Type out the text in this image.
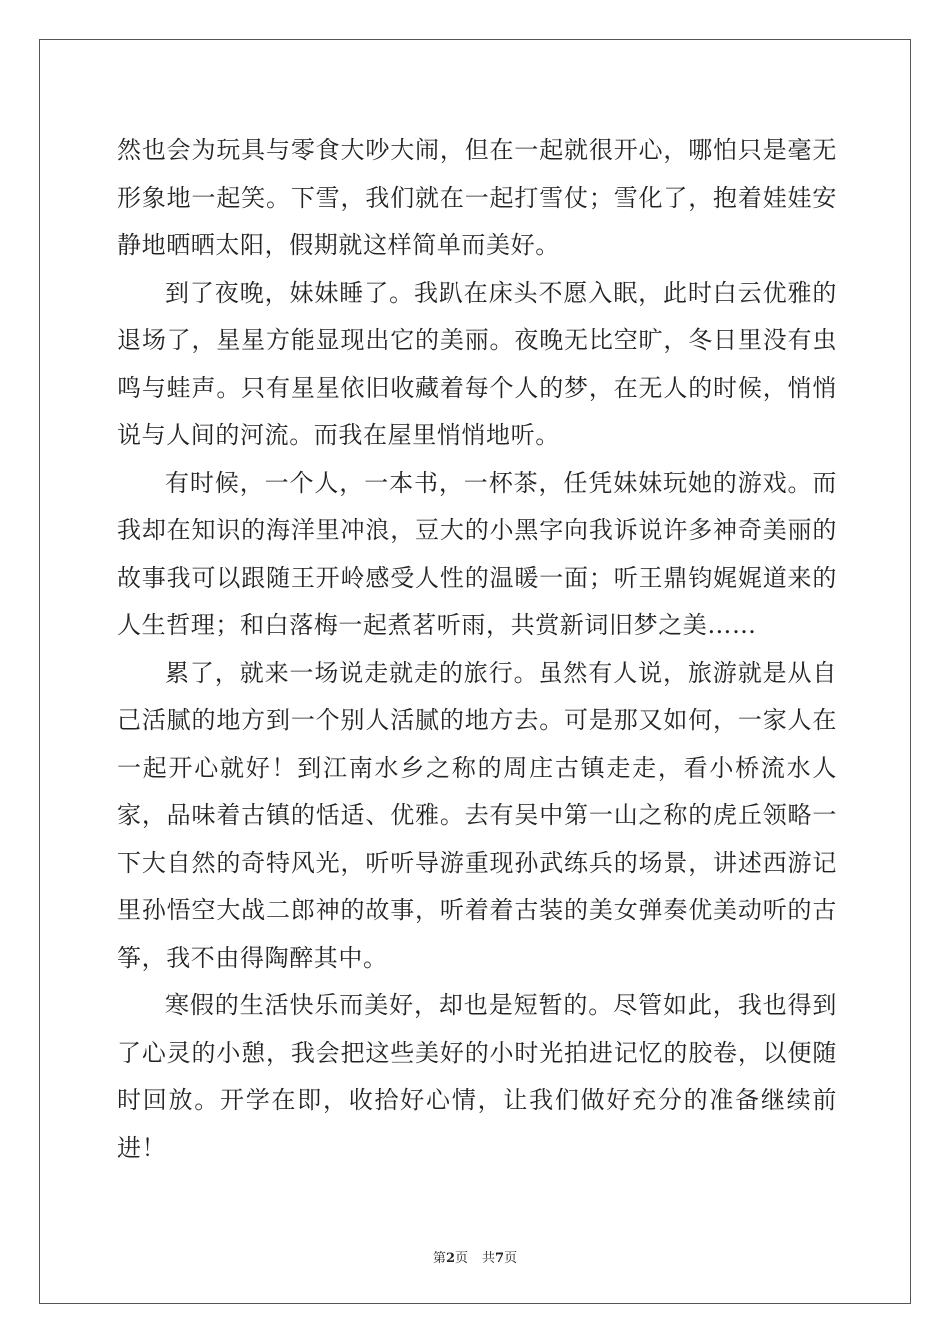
然也会为玩具与零食大吵大闹，但在一起就很开心，哪怕只是毫无形象地一起笑。下雪，我们就在一起打雪仗；雪化了，抱着娃娃安静地晒晒太阳，假期就这样简单而美好。

到了夜晚，妹妹睡了。我趴在床头不愿入眠，此时白云优雅的退场了，星星方能显现出它的美丽。夜晚无比空旷，冬日里没有虫鸣与蛙声。只有星星依旧收藏着每个人的梦，在无人的时候，悄悄说与人间的河流。而我在屋里悄悄地听。

有时候，一个人，一本书，一杯茶，任凭妹妹玩她的游戏。而我却在知识的海洋里冲浪，豆大的小黑字向我诉说许多神奇美丽的故事我可以跟随王开岭感受人性的温暖一面；听王鼎钧娓娓道来的人生哲理；和白落梅一起煮茗听雨，共赏新词旧梦之美……

累了，就来一场说走就走的旅行。虽然有人说，旅游就是从自己活腻的地方到一个别人活腻的地方去。可是那又如何，一家人在一起开心就好！到江南水乡之称的周庄古镇走走，看小桥流水人家，品味着古镇的恬适、优雅。去有吴中第一山之称的虎丘领略一下大自然的奇特风光，听听导游重现孙武练兵的场景，讲述西游记里孙悟空大战二郎神的故事，听着着古装的美女弹奏优美动听的古筝，我不由得陶醉其中。

寒假的生活快乐而美好，却也是短暂的。尽管如此，我也得到了心灵的小憩，我会把这些美好的小时光拍进记忆的胶卷，以便随时回放。开学在即，收拾好心情，让我们做好充分的准备继续前进！

第2页 共7页
